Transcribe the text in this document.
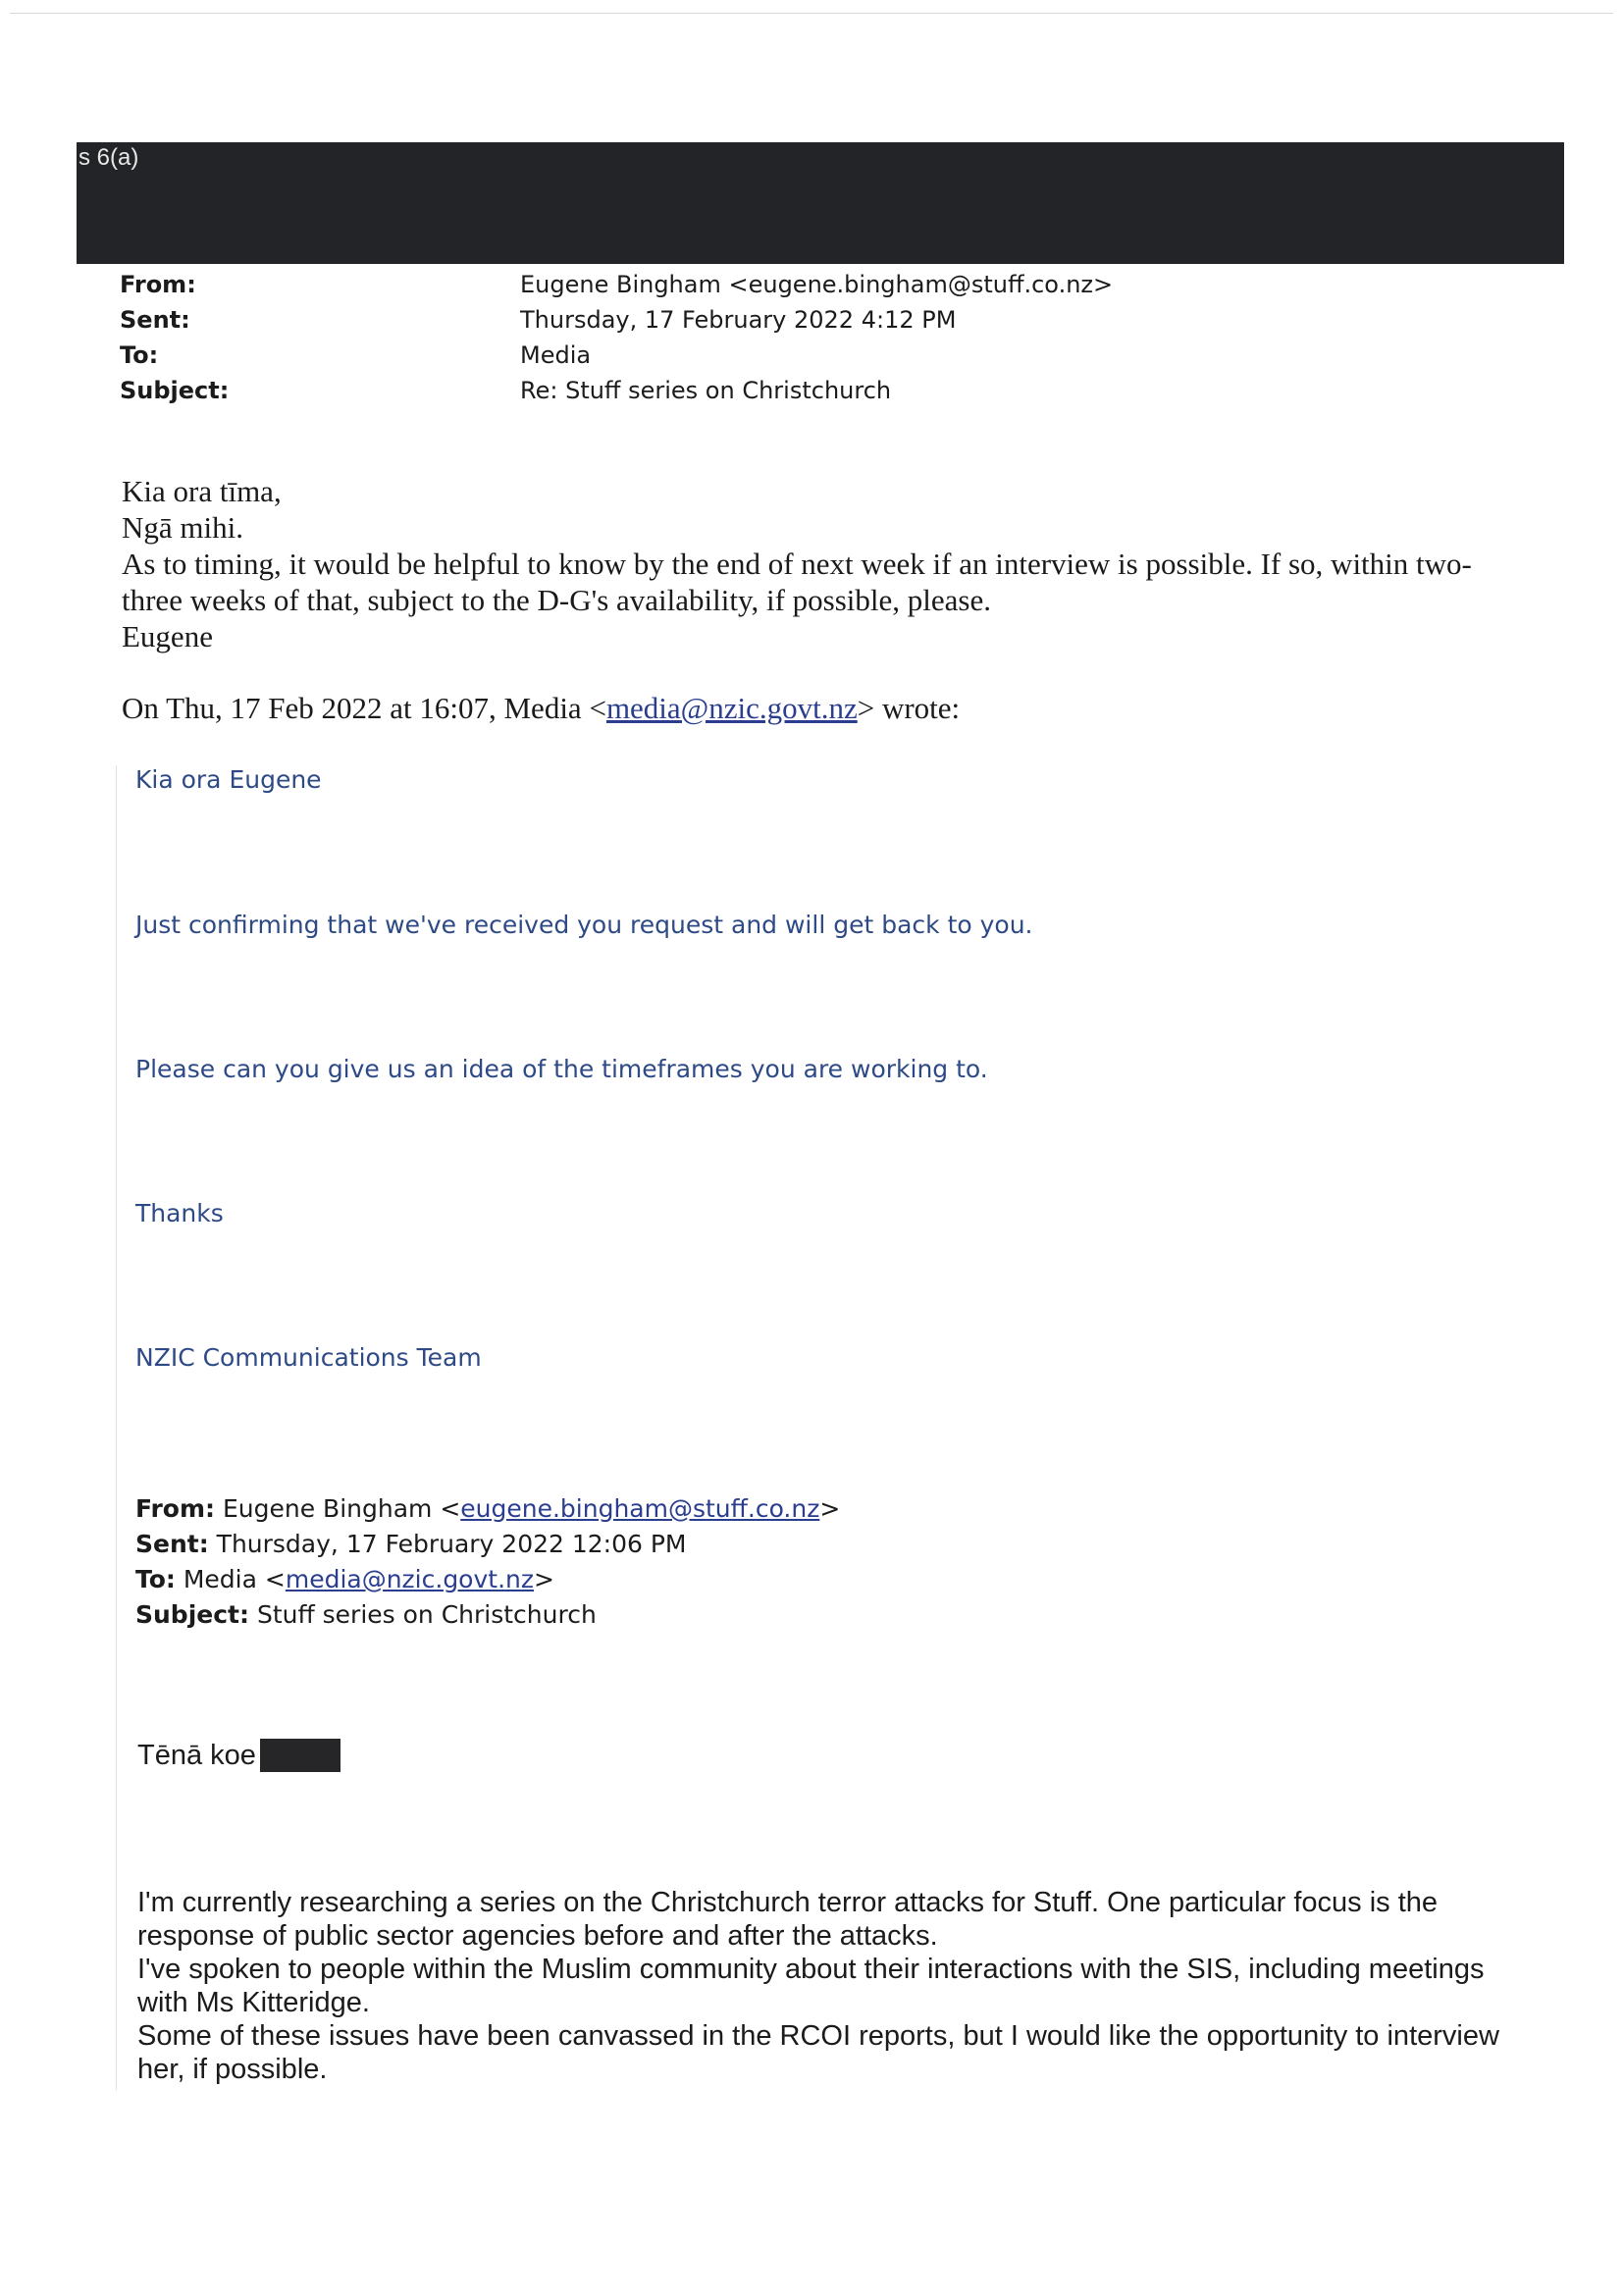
s 6(a)
From:	Eugene Bingham <eugene.bingham@stuff.co.nz>
Sent:	Thursday, 17 February 2022 4:12 PM
To:	Media
Subject:	Re: Stuff series on Christchurch

Kia ora tīma,

Ngā mihi.

As to timing, it would be helpful to know by the end of next week if an interview is possible. If so, within two-three weeks of that, subject to the D-G's availability, if possible, please.

Eugene

On Thu, 17 Feb 2022 at 16:07, Media <media@nzic.govt.nz> wrote:
Kia ora Eugene
Just confirming that we've received you request and will get back to you.
Please can you give us an idea of the timeframes you are working to.
Thanks
NZIC Communications Team
From: Eugene Bingham <eugene.bingham@stuff.co.nz>
Sent: Thursday, 17 February 2022 12:06 PM
To: Media <media@nzic.govt.nz>
Subject: Stuff series on Christchurch
Tēnā koe

I'm currently researching a series on the Christchurch terror attacks for Stuff. One particular focus is the response of public sector agencies before and after the attacks.

I've spoken to people within the Muslim community about their interactions with the SIS, including meetings with Ms Kitteridge.

Some of these issues have been canvassed in the RCOI reports, but I would like the opportunity to interview her, if possible.
